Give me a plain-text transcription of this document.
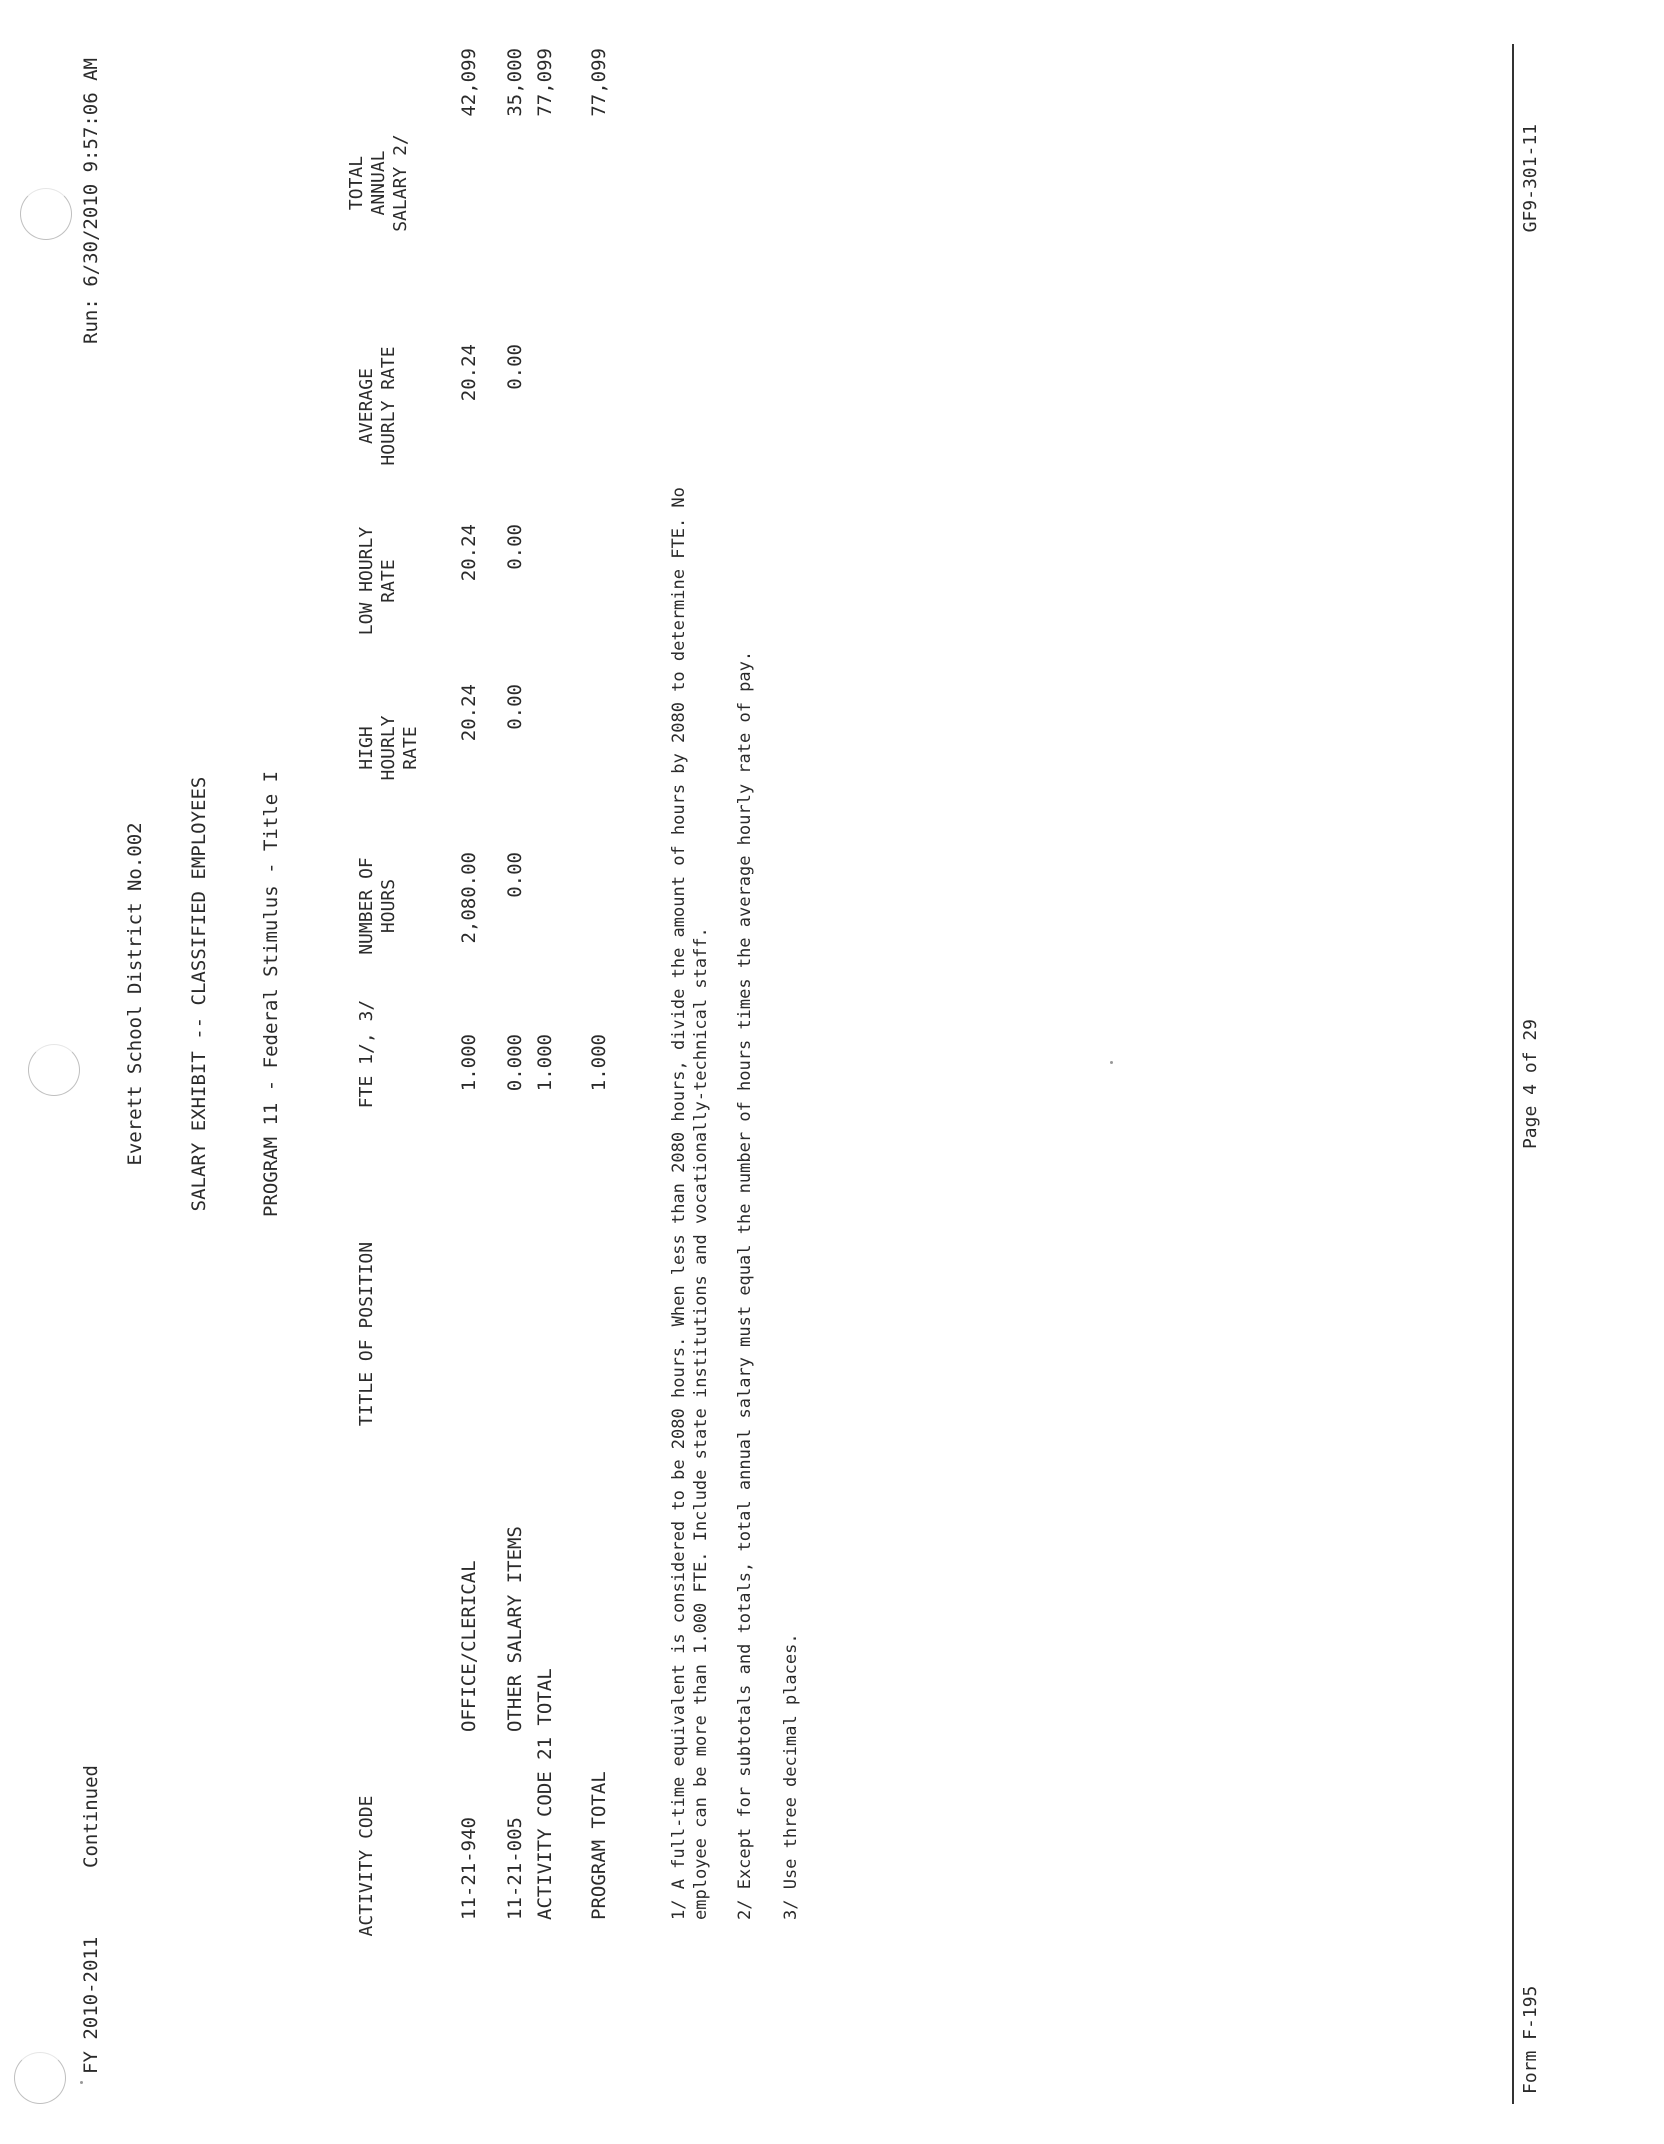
FY 2010-2011
Continued
Everett School District No.002
Run: 6/30/2010 9:57:06 AM
SALARY EXHIBIT -- CLASSIFIED EMPLOYEES	PROGRAM 11 - Federal Stimulus - Title I
ACTIVITY CODE
TITLE OF POSITION
FTE 1/, 3/
NUMBER OF HOURS
HIGH HOURLY RATE
LOW HOURLY RATE
AVERAGE HOURLY RATE
TOTAL ANNUAL SALARY 2/
11-21-940
OFFICE/CLERICAL
1.000
2,080.00
20.24
20.24
20.24
42,099
11-21-005
OTHER SALARY ITEMS
0.000
0.00
0.00
0.00
0.00
35,000
ACTIVITY CODE 21 TOTAL
1.000
77,099
PROGRAM TOTAL
1.000
77,099
1/ A full-time equivalent is considered to be 2080 hours. When less than 2080 hours, divide the amount of hours by 2080 to determine FTE. No employee can be more than 1.000 FTE. Include state institutions and vocationally-technical staff. 2/ Except for subtotals and totals, total annual salary must equal the number of hours times the average hourly rate of pay. 3/ Use three decimal places.
Form F-195
Page 4 of 29
GF9-301-11
